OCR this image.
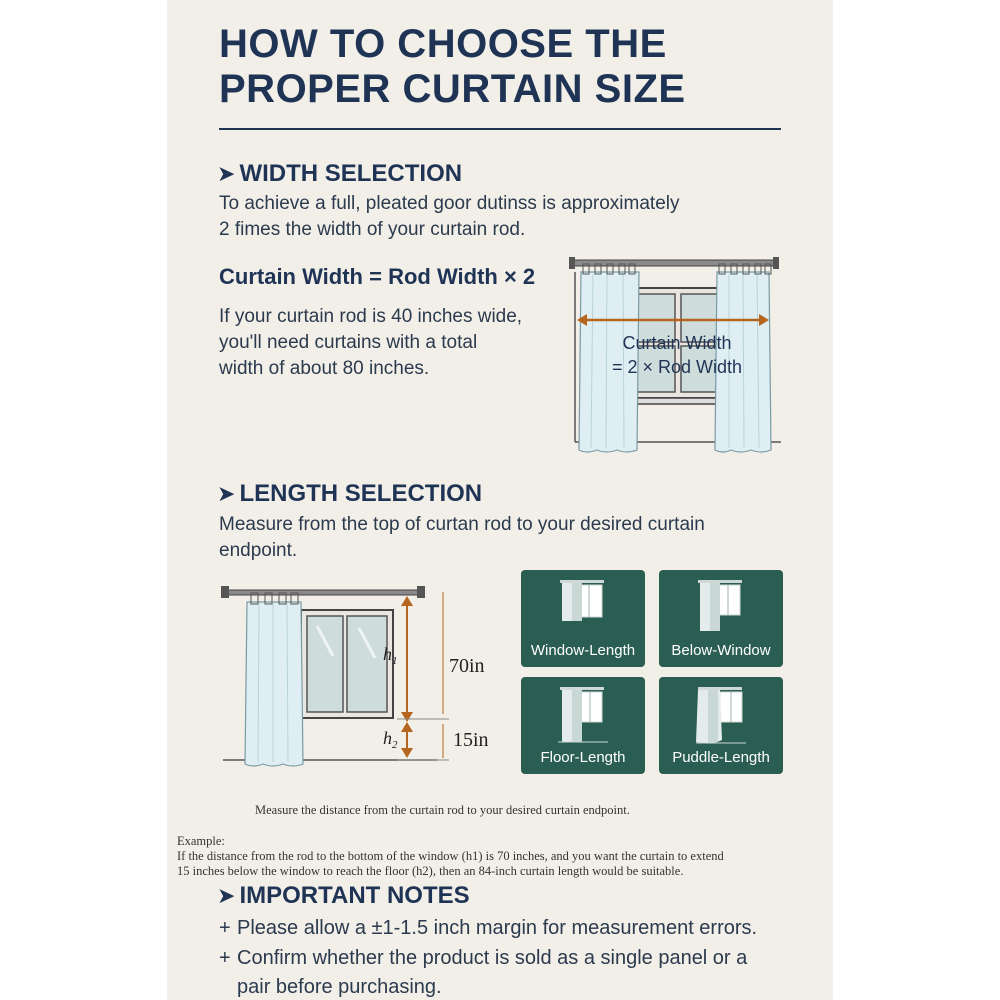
HOW TO CHOOSE THE
PROPER CURTAIN SIZE
➤ WIDTH SELECTION

To achieve a full, pleated goor dutinss is approximately
2 fimes the width of your curtain rod.

Curtain Width = Rod Width × 2

If your curtain rod is 40 inches wide,
you'll need curtains with a total
width of about 80 inches.

Curtain Width
= 2 × Rod Width
➤ LENGTH SELECTION

Measure from the top of curtan rod to your desired curtain
endpoint.

$h_1$
$h_2$
70in
15in
Window-Length	Below-Window
Floor-Length	Puddle-Length

Measure the distance from the curtain rod to your desired curtain endpoint.

Example:
If the distance from the rod to the bottom of the window (h1) is 70 inches, and you want the curtain to extend
15 inches below the window to reach the floor (h2), then an 84-inch curtain length would be suitable.

➤ IMPORTANT NOTES

+ Please allow a ±1-1.5 inch margin for measurement errors.

+ Confirm whether the product is sold as a single panel or a
pair before purchasing.
